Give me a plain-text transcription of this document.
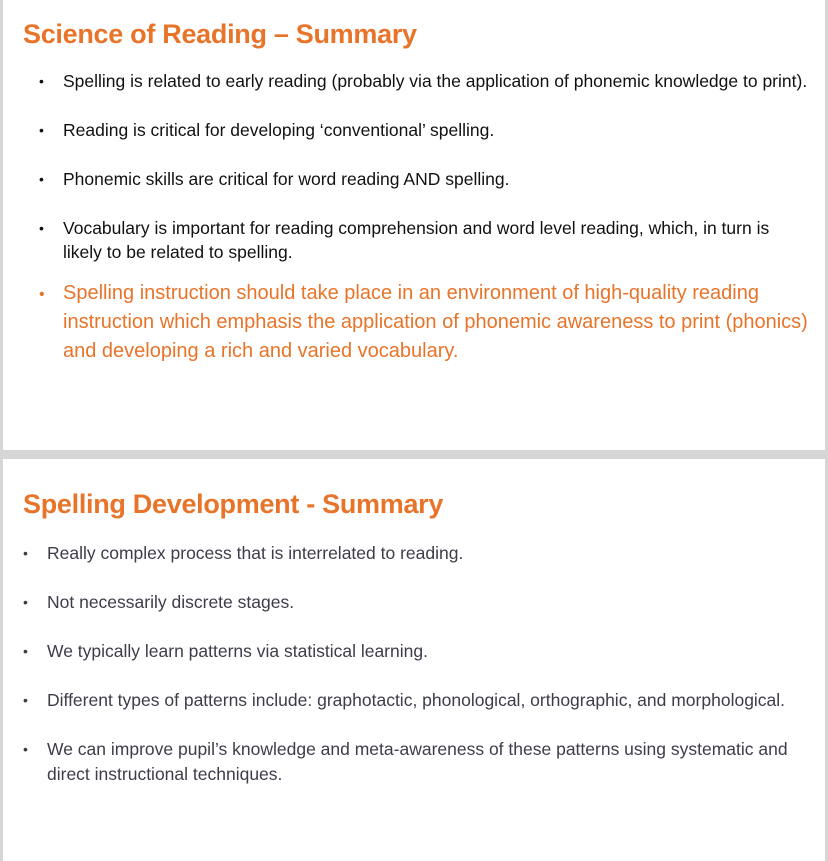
Science of Reading – Summary
• Spelling is related to early reading (probably via the application of phonemic knowledge to print).
• Reading is critical for developing ‘conventional’ spelling.
• Phonemic skills are critical for word reading AND spelling.
• Vocabulary is important for reading comprehension and word level reading, which, in turn is likely to be related to spelling.
• Spelling instruction should take place in an environment of high-quality reading instruction which emphasis the application of phonemic awareness to print (phonics) and developing a rich and varied vocabulary.
Spelling Development - Summary
• Really complex process that is interrelated to reading.
• Not necessarily discrete stages.
• We typically learn patterns via statistical learning.
• Different types of patterns include: graphotactic, phonological, orthographic, and morphological.
• We can improve pupil’s knowledge and meta-awareness of these patterns using systematic and direct instructional techniques.
